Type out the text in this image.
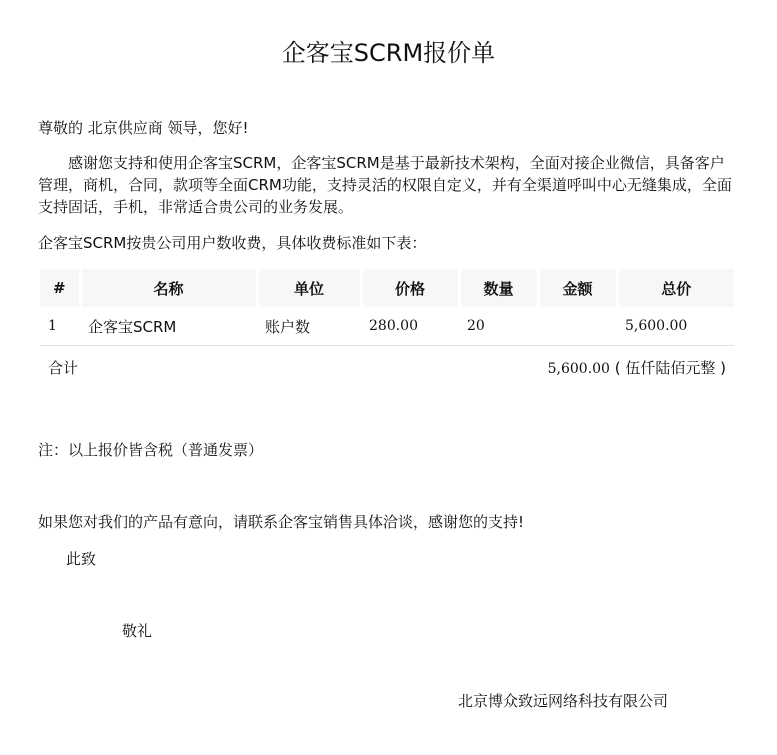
企客宝SCRM报价单

尊敬的 北京供应商 领导，您好!

感谢您支持和使用企客宝SCRM，企客宝SCRM是基于最新技术架构，全面对接企业微信，具备客户管理，商机，合同，款项等全面CRM功能，支持灵活的权限自定义，并有全渠道呼叫中心无缝集成，全面支持固话，手机，非常适合贵公司的业务发展。

企客宝SCRM按贵公司用户数收费，具体收费标准如下表：

#	名称	单位	价格	数量	金额	总价
1	企客宝SCRM	账户数	280.00	20		5,600.00
合计	5,600.00 ( 伍仟陆佰元整 )

注：以上报价皆含税（普通发票）

如果您对我们的产品有意向，请联系企客宝销售具体洽谈，感谢您的支持!

此致

敬礼

北京博众致远网络科技有限公司
